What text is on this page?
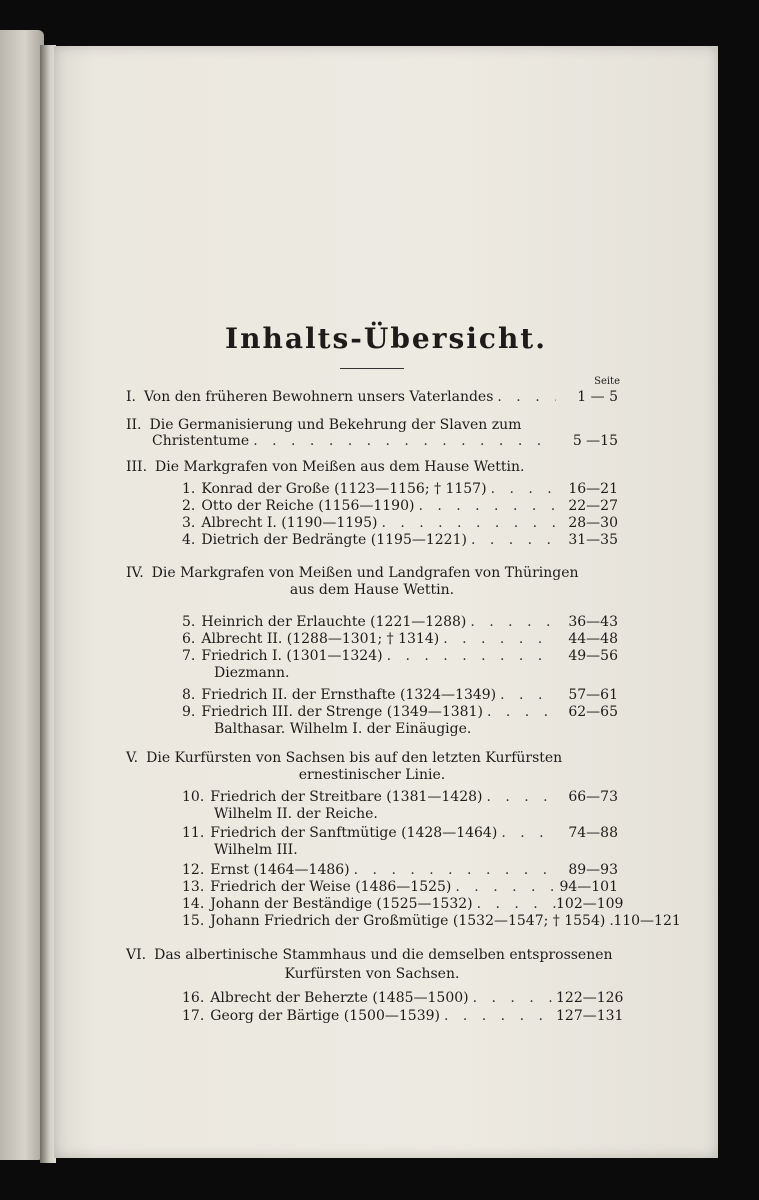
Inhalts-Übersicht.
Seite
I. Von den früheren Bewohnern unsers Vaterlandes . . .	1 — 5
II. Die Germanisierung und Bekehrung der Slaven zum
Christentume . . .	5 —15
III. Die Markgrafen von Meißen aus dem Hause Wettin.
1. Konrad der Große (1123—1156; † 1157) . . .	16—21
2. Otto der Reiche (1156—1190) . . .	22—27
3. Albrecht I. (1190—1195) . . .	28—30
4. Dietrich der Bedrängte (1195—1221) . . .	31—35
IV. Die Markgrafen von Meißen und Landgrafen von Thüringen
aus dem Hause Wettin.
5. Heinrich der Erlauchte (1221—1288) . . .	36—43
6. Albrecht II. (1288—1301; † 1314) . . .	44—48
7. Friedrich I. (1301—1324) . . .	49—56
Diezmann.
8. Friedrich II. der Ernsthafte (1324—1349) . . .	57—61
9. Friedrich III. der Strenge (1349—1381) . . .	62—65
Balthasar. Wilhelm I. der Einäugige.
V. Die Kurfürsten von Sachsen bis auf den letzten Kurfürsten
ernestinischer Linie.
10. Friedrich der Streitbare (1381—1428) . . .	66—73
Wilhelm II. der Reiche.
11. Friedrich der Sanftmütige (1428—1464) . . .	74—88
Wilhelm III.
12. Ernst (1464—1486) . . .	89—93
13. Friedrich der Weise (1486—1525) . . .	94—101
14. Johann der Beständige (1525—1532) . . .	102—109
15. Johann Friedrich der Großmütige (1532—1547; † 1554) . . . 110—121
VI. Das albertinische Stammhaus und die demselben entsprossenen
Kurfürsten von Sachsen.
16. Albrecht der Beherzte (1485—1500) . . .	122—126
17. Georg der Bärtige (1500—1539) . . .	127—131
